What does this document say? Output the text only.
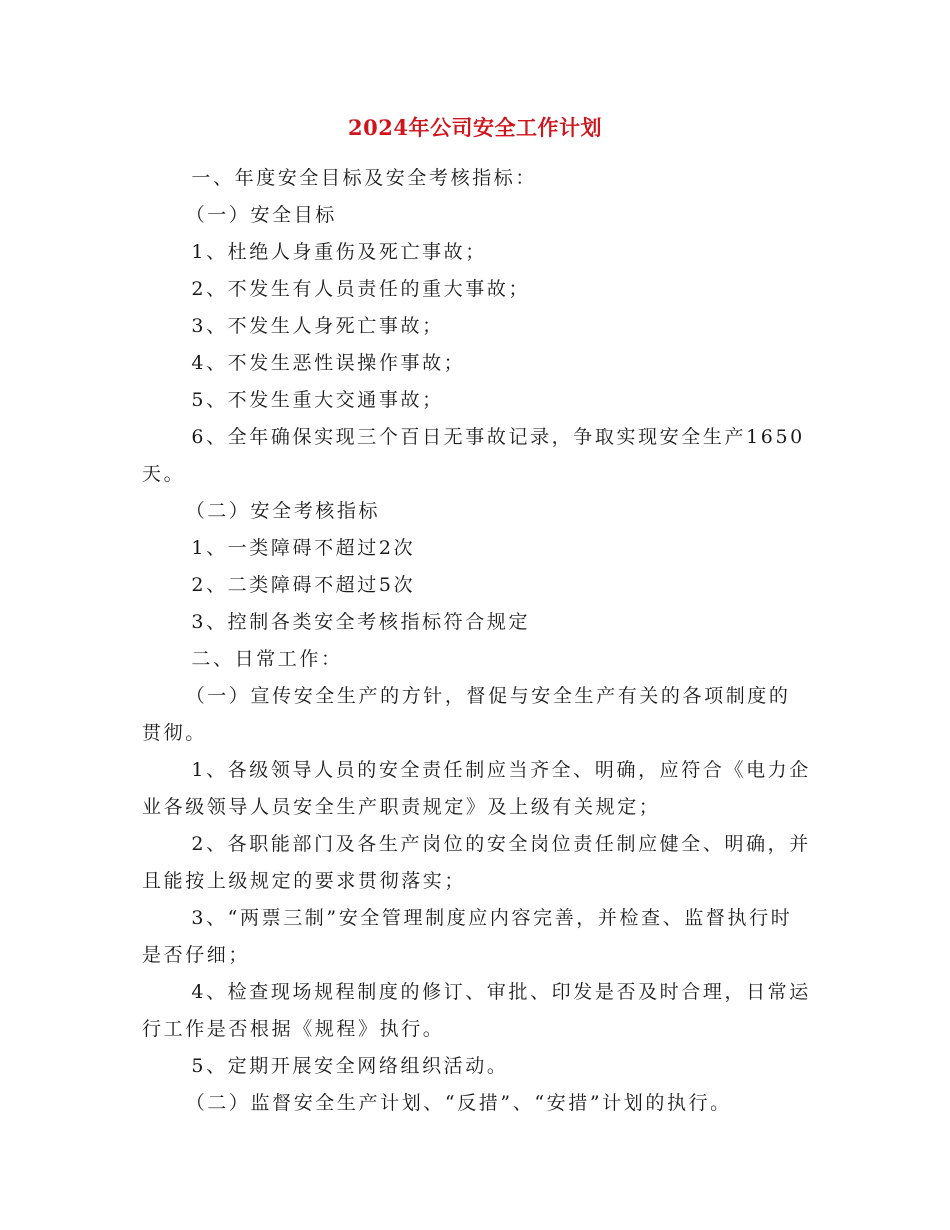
2024年公司安全工作计划

一、年度安全目标及安全考核指标：

（一）安全目标

1、杜绝人身重伤及死亡事故；

2、不发生有人员责任的重大事故；

3、不发生人身死亡事故；

4、不发生恶性误操作事故；

5、不发生重大交通事故；

6、全年确保实现三个百日无事故记录，争取实现安全生产1650天。

（二）安全考核指标

1、一类障碍不超过2次

2、二类障碍不超过5次

3、控制各类安全考核指标符合规定

二、日常工作：

（一）宣传安全生产的方针，督促与安全生产有关的各项制度的贯彻。

1、各级领导人员的安全责任制应当齐全、明确，应符合《电力企业各级领导人员安全生产职责规定》及上级有关规定；

2、各职能部门及各生产岗位的安全岗位责任制应健全、明确，并且能按上级规定的要求贯彻落实；

3、“两票三制”安全管理制度应内容完善，并检查、监督执行时是否仔细；

4、检查现场规程制度的修订、审批、印发是否及时合理，日常运行工作是否根据《规程》执行。

5、定期开展安全网络组织活动。

（二）监督安全生产计划、“反措”、“安措”计划的执行。
